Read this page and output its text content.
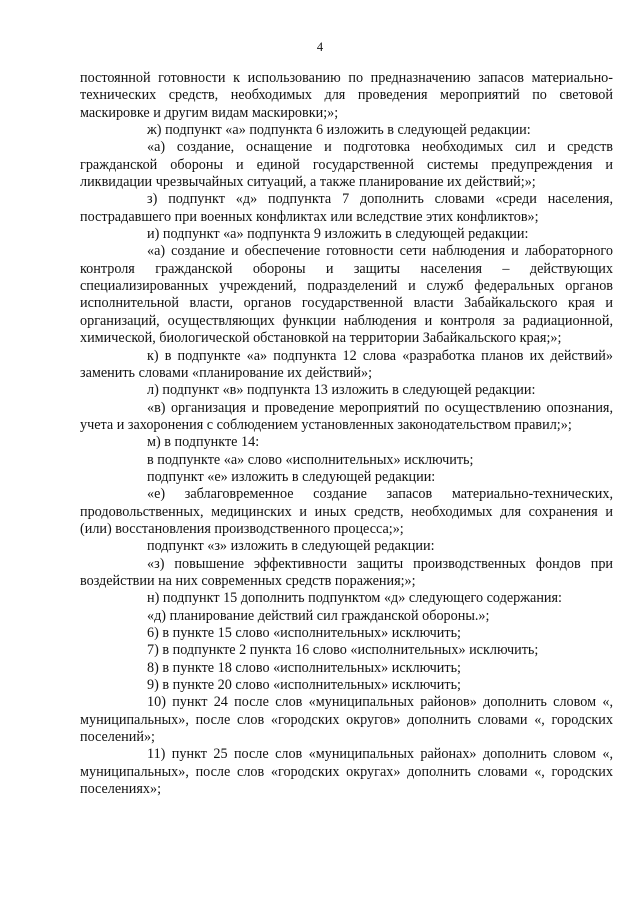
4

постоянной готовности к использованию по предназначению запасов материально-технических средств, необходимых для проведения мероприятий по световой маскировке и другим видам маскировки;»;

ж) подпункт «а» подпункта 6 изложить в следующей редакции:

«а) создание, оснащение и подготовка необходимых сил и средств гражданской обороны и единой государственной системы предупреждения и ликвидации чрезвычайных ситуаций, а также планирование их действий;»;

з) подпункт «д» подпункта 7 дополнить словами «среди населения, пострадавшего при военных конфликтах или вследствие этих конфликтов»;

и) подпункт «а» подпункта 9 изложить в следующей редакции:

«а) создание и обеспечение готовности сети наблюдения и лабораторного контроля гражданской обороны и защиты населения – действующих специализированных учреждений, подразделений и служб федеральных органов исполнительной власти, органов государственной власти Забайкальского края и организаций, осуществляющих функции наблюдения и контроля за радиационной, химической, биологической обстановкой на территории Забайкальского края;»;

к) в подпункте «а» подпункта 12 слова «разработка планов их действий» заменить словами «планирование их действий»;

л) подпункт «в» подпункта 13 изложить в следующей редакции:

«в) организация и проведение мероприятий по осуществлению опознания, учета и захоронения с соблюдением установленных законодательством правил;»;

м) в подпункте 14:

в подпункте «а» слово «исполнительных» исключить;

подпункт «е» изложить в следующей редакции:

«е) заблаговременное создание запасов материально-технических, продовольственных, медицинских и иных средств, необходимых для сохранения и (или) восстановления производственного процесса;»;

подпункт «з» изложить в следующей редакции:

«з) повышение эффективности защиты производственных фондов при воздействии на них современных средств поражения;»;

н) подпункт 15 дополнить подпунктом «д» следующего содержания:

«д) планирование действий сил гражданской обороны.»;

6) в пункте 15 слово «исполнительных» исключить;

7) в подпункте 2 пункта 16 слово «исполнительных» исключить;

8) в пункте 18 слово «исполнительных» исключить;

9) в пункте 20 слово «исполнительных» исключить;

10) пункт 24 после слов «муниципальных районов» дополнить словом «, муниципальных», после слов «городских округов» дополнить словами «, городских поселений»;

11) пункт 25 после слов «муниципальных районах» дополнить словом «, муниципальных», после слов «городских округах» дополнить словами «, городских поселениях»;
